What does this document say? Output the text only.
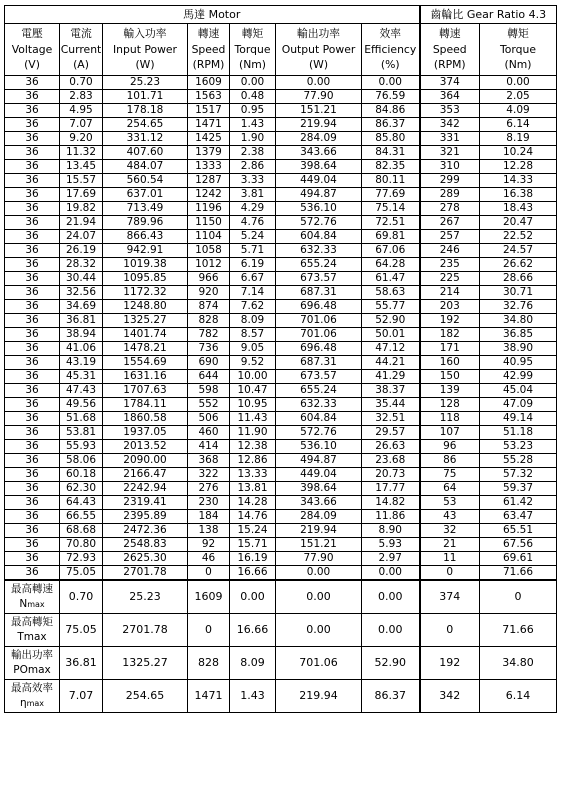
馬達 Motor							齒輪比 Gear Ratio 4.3	

電壓
Voltage
(V)	電流
Current
(A)	輸入功率
Input Power
(W)	轉速
Speed
(RPM)	轉矩
Torque
(Nm)	輸出功率
Output Power
(W)	效率
Efficiency
(%)	轉速
Speed
(RPM)	轉矩
Torque
(Nm)

36	0.70	25.23	1609	0.00	0.00	0.00	374	0.00
36	2.83	101.71	1563	0.48	77.90	76.59	364	2.05
36	4.95	178.18	1517	0.95	151.21	84.86	353	4.09
36	7.07	254.65	1471	1.43	219.94	86.37	342	6.14
36	9.20	331.12	1425	1.90	284.09	85.80	331	8.19
36	11.32	407.60	1379	2.38	343.66	84.31	321	10.24
36	13.45	484.07	1333	2.86	398.64	82.35	310	12.28
36	15.57	560.54	1287	3.33	449.04	80.11	299	14.33
36	17.69	637.01	1242	3.81	494.87	77.69	289	16.38
36	19.82	713.49	1196	4.29	536.10	75.14	278	18.43
36	21.94	789.96	1150	4.76	572.76	72.51	267	20.47
36	24.07	866.43	1104	5.24	604.84	69.81	257	22.52
36	26.19	942.91	1058	5.71	632.33	67.06	246	24.57
36	28.32	1019.38	1012	6.19	655.24	64.28	235	26.62
36	30.44	1095.85	966	6.67	673.57	61.47	225	28.66
36	32.56	1172.32	920	7.14	687.31	58.63	214	30.71
36	34.69	1248.80	874	7.62	696.48	55.77	203	32.76
36	36.81	1325.27	828	8.09	701.06	52.90	192	34.80
36	38.94	1401.74	782	8.57	701.06	50.01	182	36.85
36	41.06	1478.21	736	9.05	696.48	47.12	171	38.90
36	43.19	1554.69	690	9.52	687.31	44.21	160	40.95
36	45.31	1631.16	644	10.00	673.57	41.29	150	42.99
36	47.43	1707.63	598	10.47	655.24	38.37	139	45.04
36	49.56	1784.11	552	10.95	632.33	35.44	128	47.09
36	51.68	1860.58	506	11.43	604.84	32.51	118	49.14
36	53.81	1937.05	460	11.90	572.76	29.57	107	51.18
36	55.93	2013.52	414	12.38	536.10	26.63	96	53.23
36	58.06	2090.00	368	12.86	494.87	23.68	86	55.28
36	60.18	2166.47	322	13.33	449.04	20.73	75	57.32
36	62.30	2242.94	276	13.81	398.64	17.77	64	59.37
36	64.43	2319.41	230	14.28	343.66	14.82	53	61.42
36	66.55	2395.89	184	14.76	284.09	11.86	43	63.47
36	68.68	2472.36	138	15.24	219.94	8.90	32	65.51
36	70.80	2548.83	92	15.71	151.21	5.93	21	67.56
36	72.93	2625.30	46	16.19	77.90	2.97	11	69.61
36	75.05	2701.78	0	16.66	0.00	0.00	0	71.66

最高轉速
Nmax	0.70	25.23	1609	0.00	0.00	0.00	374	0

最高轉矩
Tmax	75.05	2701.78	0	16.66	0.00	0.00	0	71.66

輸出功率
POmax	36.81	1325.27	828	8.09	701.06	52.90	192	34.80

最高效率
ηmax	7.07	254.65	1471	1.43	219.94	86.37	342	6.14
